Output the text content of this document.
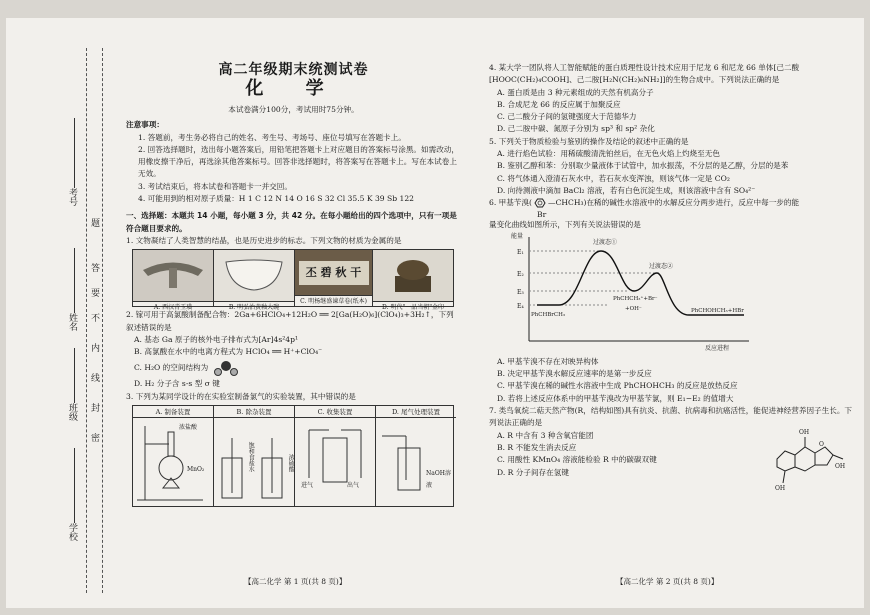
考号
姓名
班级
学校
题
答
要
不
内
线
封
密
高二年级期末统测试卷
化 学
本试卷满分100分，考试用时75分钟。
注意事项：
1. 答题前，考生务必将自己的姓名、考生号、考场号、座位号填写在答题卡上。
2. 回答选择题时，选出每小题答案后，用铅笔把答题卡上对应题目的答案标号涂黑。如需改动，用橡皮擦干净后，再选涂其他答案标号。回答非选择题时，将答案写在答题卡上。写在本试卷上无效。
3. 考试结束后，将本试卷和答题卡一并交回。
4. 可能用到的相对原子质量：H 1 C 12 N 14 O 16 S 32 Cl 35.5 K 39 Sb 122
一、选择题：本题共 14 小题，每小题 3 分，共 42 分。在每小题给出的四个选项中，只有一项是符合题目要求的。
1. 文物凝结了人类智慧的结晶，也是历史进步的标志。下列文物的材质为金属的是
A. 西汉青玉璜	B. 明弘治黄釉大碗
丕 碧 秋 干
C. 明杨继盛谏草卷(纸本)
D. 明代"一品当朝"金印
2. 镓可用于高氯酸制备配合物：2Ga+6HClO₄+12H₂O ══ 2[Ga(H₂O)₆](ClO₄)₃+3H₂↑，下列叙述错误的是
A. 基态 Ga 原子的核外电子排布式为[Ar]4s²4p¹
B. 高氯酸在水中的电离方程式为 HClO₄ ══ H⁺+ClO₄⁻
C. H₂O 的空间结构为
D. H₂ 分子含 s-s 型 σ 键
3. 下列为某同学设计的在实验室制备氯气的实验装置，其中错误的是
A. 制备装置
浓盐酸
MnO₂
B. 除杂装置
饱和食盐水	浓硫酸
C. 收集装置
进气	出气
D. 尾气处理装置
NaOH溶液
4. 某大学一团队将人工智能赋能的蛋白质理性设计技术应用于尼龙 6 和尼龙 66 单体[己二酸[HOOC(CH₂)₄COOH]、己二胺[H₂N(CH₂)₆NH₂]]的生物合成中。下列说法正确的是
A. 蛋白质是由 3 种元素组成的天然有机高分子
B. 合成尼龙 66 的反应属于加聚反应
C. 己二酸分子间的氢键强度大于范德华力
D. 己二胺中碳、氮原子分别为 sp³ 和 sp² 杂化
5. 下列关于物质检验与鉴别的操作及结论的叙述中正确的是
A. 进行焰色试验：用稀硫酸清洗铂丝后，在无色火焰上灼烧至无色
B. 鉴别乙醇和苯：分别取少量液体于试管中，加水振荡，不分层的是乙醇，分层的是苯
C. 将气体通入澄清石灰水中，若石灰水变浑浊，则该气体一定是 CO₂
D. 向待测液中滴加 BaCl₂ 溶液，若有白色沉淀生成，则该溶液中含有 SO₄²⁻
6. 甲基苄溴( —CHCH₃)在稀的碱性水溶液中的水解反应分两步进行，反应中每一步的能
Br
量变化曲线如图所示，下列有关说法错误的是
能量
E₁
E₂
E₃
E₄
过渡态①
过渡态②
PhCHBrCH₃
PhCHCH₃⁺+Br⁻
+OH⁻	PhCHOHCH₃+HBr
反应进程
A. 甲基苄溴不存在对映异构体
B. 决定甲基苄溴水解反应速率的是第一步反应
C. 甲基苄溴在稀的碱性水溶液中生成 PhCHOHCH₃ 的反应是放热反应
D. 若将上述反应体系中的甲基苄溴改为甲基苄氯，则 E₁−E₂ 的值增大
7. 类鸟氧烷二萜天然产物(R，结构如图)具有抗炎、抗菌、抗病毒和抗癌活性，能促进神经营养因子生长。下列说法正确的是
A. R 中含有 3 种含氧官能团
B. R 不能发生消去反应
C. 用酸性 KMnO₄ 溶液能检验 R 中的碳碳双键
D. R 分子间存在氢键
OH
O
OH
OH
【高二化学 第 1 页(共 8 页)】	【高二化学 第 2 页(共 8 页)】
